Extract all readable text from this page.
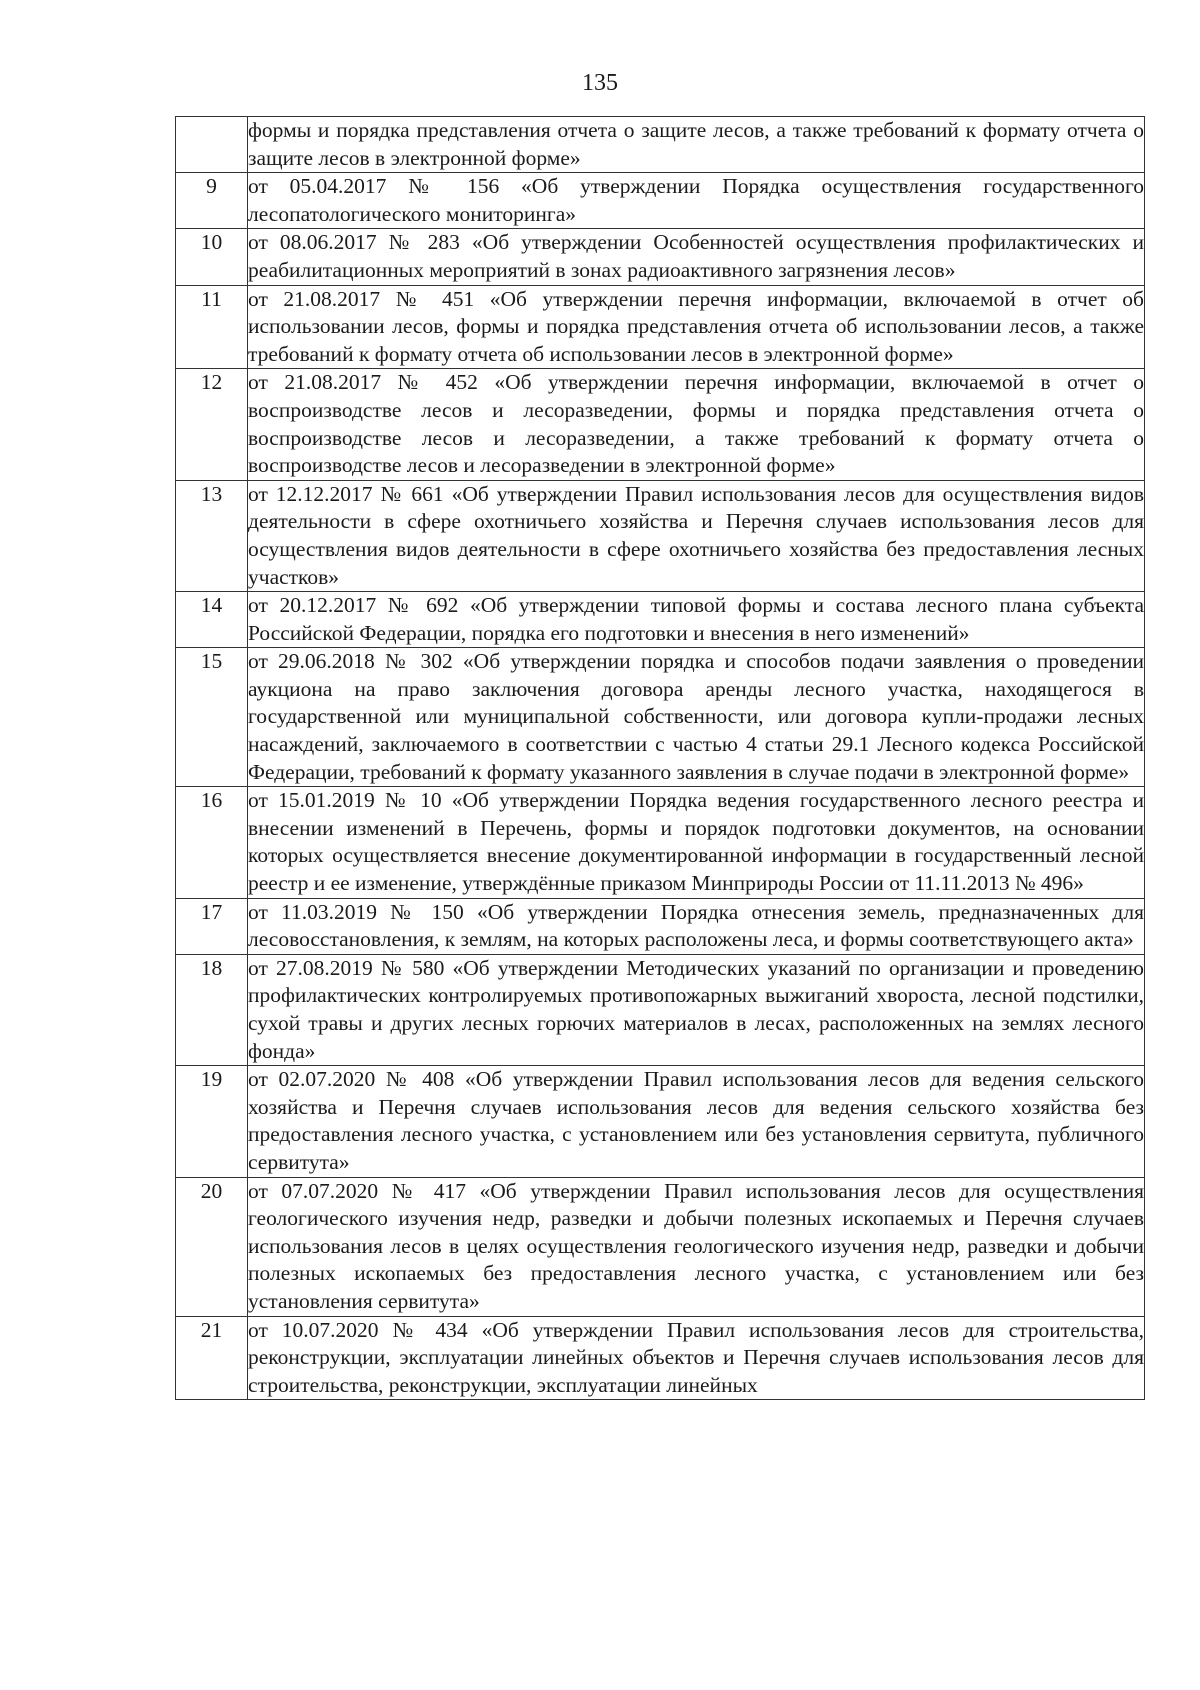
135
	формы и порядка представления отчета о защите лесов, а также требований к формату отчета о защите лесов в электронной форме»
9	от 05.04.2017 № 156 «Об утверждении Порядка осуществления государственного лесопатологического мониторинга»
10	от 08.06.2017 № 283 «Об утверждении Особенностей осуществления профилактических и реабилитационных мероприятий в зонах радиоактивного загрязнения лесов»
11	от 21.08.2017 № 451 «Об утверждении перечня информации, включаемой в отчет об использовании лесов, формы и порядка представления отчета об использовании лесов, а также требований к формату отчета об использовании лесов в электронной форме»
12	от 21.08.2017 № 452 «Об утверждении перечня информации, включаемой в отчет о воспроизводстве лесов и лесоразведении, формы и порядка представления отчета о воспроизводстве лесов и лесоразведении, а также требований к формату отчета о воспроизводстве лесов и лесоразведении в электронной форме»
13	от 12.12.2017 № 661 «Об утверждении Правил использования лесов для осуществления видов деятельности в сфере охотничьего хозяйства и Перечня случаев использования лесов для осуществления видов деятельности в сфере охотничьего хозяйства без предоставления лесных участков»
14	от 20.12.2017 № 692 «Об утверждении типовой формы и состава лесного плана субъекта Российской Федерации, порядка его подготовки и внесения в него изменений»
15	от 29.06.2018 № 302 «Об утверждении порядка и способов подачи заявления о проведении аукциона на право заключения договора аренды лесного участка, находящегося в государственной или муниципальной собственности, или договора купли-продажи лесных насаждений, заключаемого в соответствии с частью 4 статьи 29.1 Лесного кодекса Российской Федерации, требований к формату указанного заявления в случае подачи в электронной форме»
16	от 15.01.2019 № 10 «Об утверждении Порядка ведения государственного лесного реестра и внесении изменений в Перечень, формы и порядок подготовки документов, на основании которых осуществляется внесение документированной информации в государственный лесной реестр и ее изменение, утверждённые приказом Минприроды России от 11.11.2013 № 496»
17	от 11.03.2019 № 150 «Об утверждении Порядка отнесения земель, предназначенных для лесовосстановления, к землям, на которых расположены леса, и формы соответствующего акта»
18	от 27.08.2019 № 580 «Об утверждении Методических указаний по организации и проведению профилактических контролируемых противопожарных выжиганий хвороста, лесной подстилки, сухой травы и других лесных горючих материалов в лесах, расположенных на землях лесного фонда»
19	от 02.07.2020 № 408 «Об утверждении Правил использования лесов для ведения сельского хозяйства и Перечня случаев использования лесов для ведения сельского хозяйства без предоставления лесного участка, с установлением или без установления сервитута, публичного сервитута»
20	от 07.07.2020 № 417 «Об утверждении Правил использования лесов для осуществления геологического изучения недр, разведки и добычи полезных ископаемых и Перечня случаев использования лесов в целях осуществления геологического изучения недр, разведки и добычи полезных ископаемых без предоставления лесного участка, с установлением или без установления сервитута»
21	от 10.07.2020 № 434 «Об утверждении Правил использования лесов для строительства, реконструкции, эксплуатации линейных объектов и Перечня случаев использования лесов для строительства, реконструкции, эксплуатации линейных
